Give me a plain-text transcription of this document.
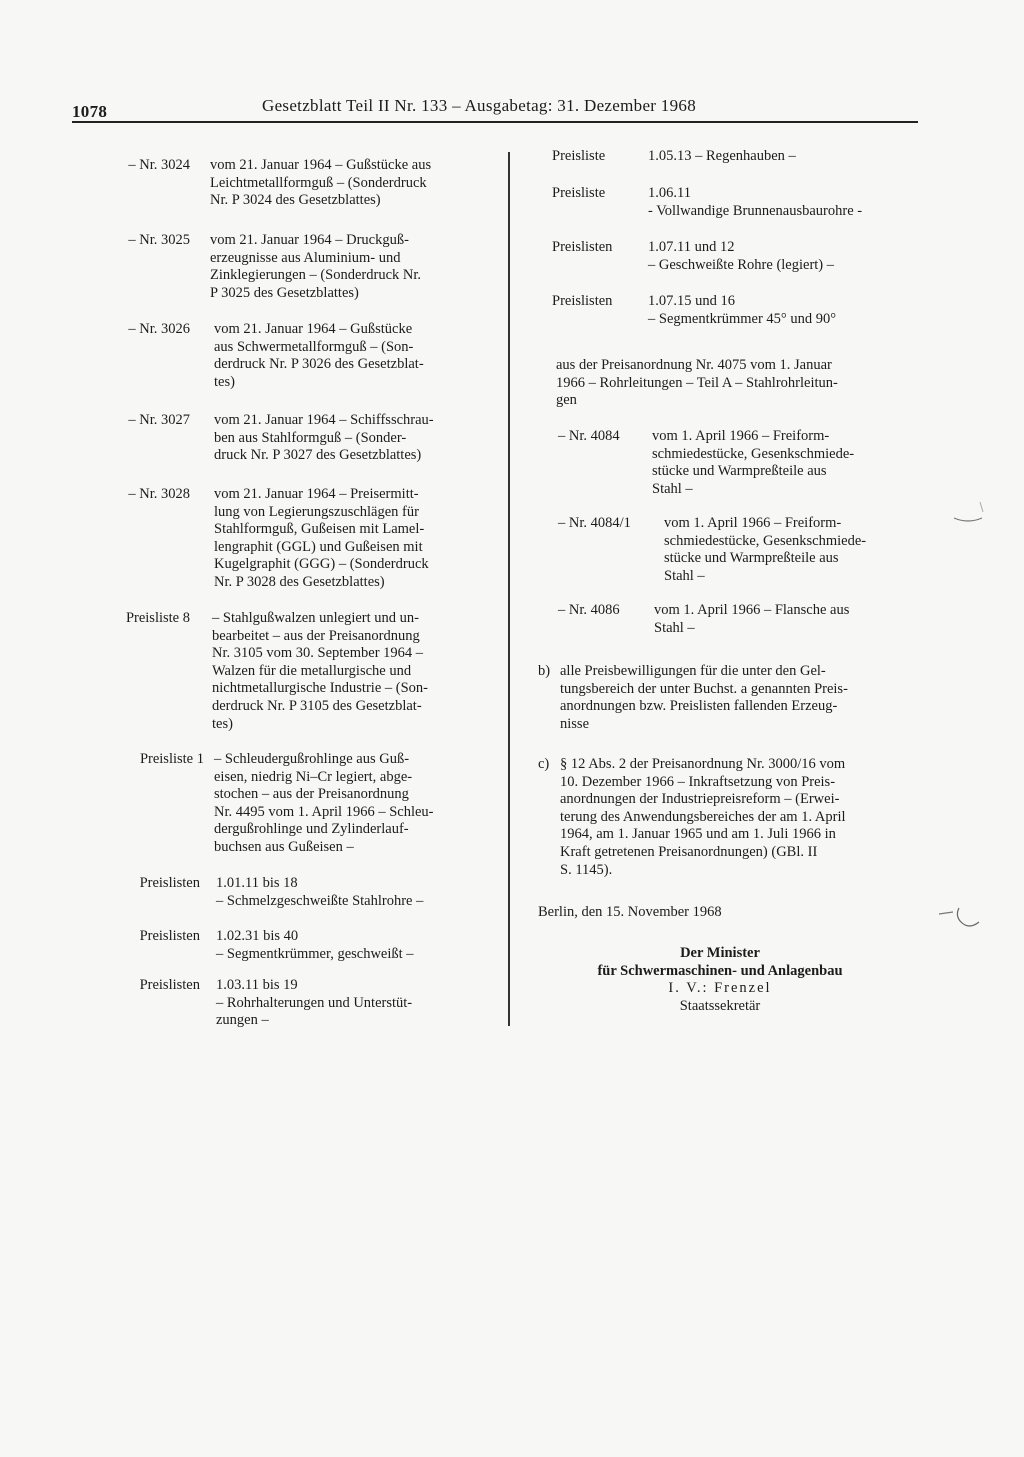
1078	Gesetzblatt Teil II Nr. 133 – Ausgabetag: 31. Dezember 1968
– Nr. 3024 vom 21. Januar 1964 – Gußstücke aus
Leichtmetallformguß – (Sonderdruck
Nr. P 3024 des Gesetzblattes)
– Nr. 3025 vom 21. Januar 1964 – Druckguß-
erzeugnisse aus Aluminium- und
Zinklegierungen – (Sonderdruck Nr.
P 3025 des Gesetzblattes)
– Nr. 3026 vom 21. Januar 1964 – Gußstücke
aus Schwermetallformguß – (Son-
derdruck Nr. P 3026 des Gesetzblat-
tes)
– Nr. 3027 vom 21. Januar 1964 – Schiffsschrau-
ben aus Stahlformguß – (Sonder-
druck Nr. P 3027 des Gesetzblattes)
– Nr. 3028 vom 21. Januar 1964 – Preisermitt-
lung von Legierungszuschlägen für
Stahlformguß, Gußeisen mit Lamel-
lengraphit (GGL) und Gußeisen mit
Kugelgraphit (GGG) – (Sonderdruck
Nr. P 3028 des Gesetzblattes)
Preisliste 8 – Stahlgußwalzen unlegiert und un-
bearbeitet – aus der Preisanordnung
Nr. 3105 vom 30. September 1964 –
Walzen für die metallurgische und
nichtmetallurgische Industrie – (Son-
derdruck Nr. P 3105 des Gesetzblat-
tes)
Preisliste 1 – Schleudergußrohlinge aus Guß-
eisen, niedrig Ni–Cr legiert, abge-
stochen – aus der Preisanordnung
Nr. 4495 vom 1. April 1966 – Schleu-
dergußrohlinge und Zylinderlauf-
buchsen aus Gußeisen –
Preislisten 1.01.11 bis 18
– Schmelzgeschweißte Stahlrohre –
Preislisten 1.02.31 bis 40
– Segmentkrümmer, geschweißt –
Preislisten 1.03.11 bis 19
– Rohrhalterungen und Unterstüt-
zungen –
Preisliste	1.05.13 – Regenhauben –
Preisliste	1.06.11
- Vollwandige Brunnenausbaurohre -
Preislisten 1.07.11 und 12
– Geschweißte Rohre (legiert) –
Preislisten 1.07.15 und 16
– Segmentkrümmer 45° und 90°
aus der Preisanordnung Nr. 4075 vom 1. Januar
1966 – Rohrleitungen – Teil A – Stahlrohrleitun-
gen
– Nr. 4084 vom 1. April 1966 – Freiform-
schmiedestücke, Gesenkschmiede-
stücke und Warmpreßteile aus
Stahl –
– Nr. 4084/1 vom 1. April 1966 – Freiform-
schmiedestücke, Gesenkschmiede-
stücke und Warmpreßteile aus
Stahl –
– Nr. 4086 vom 1. April 1966 – Flansche aus
Stahl –
b) alle Preisbewilligungen für die unter den Gel-
tungsbereich der unter Buchst. a genannten Preis-
anordnungen bzw. Preislisten fallenden Erzeug-
nisse
c) § 12 Abs. 2 der Preisanordnung Nr. 3000/16 vom
10. Dezember 1966 – Inkraftsetzung von Preis-
anordnungen der Industriepreisreform – (Erwei-
terung des Anwendungsbereiches der am 1. April
1964, am 1. Januar 1965 und am 1. Juli 1966 in
Kraft getretenen Preisanordnungen) (GBl. II
S. 1145).
Berlin, den 15. November 1968
Der Minister
für Schwermaschinen- und Anlagenbau
I. V.: Frenzel
Staatssekretär
